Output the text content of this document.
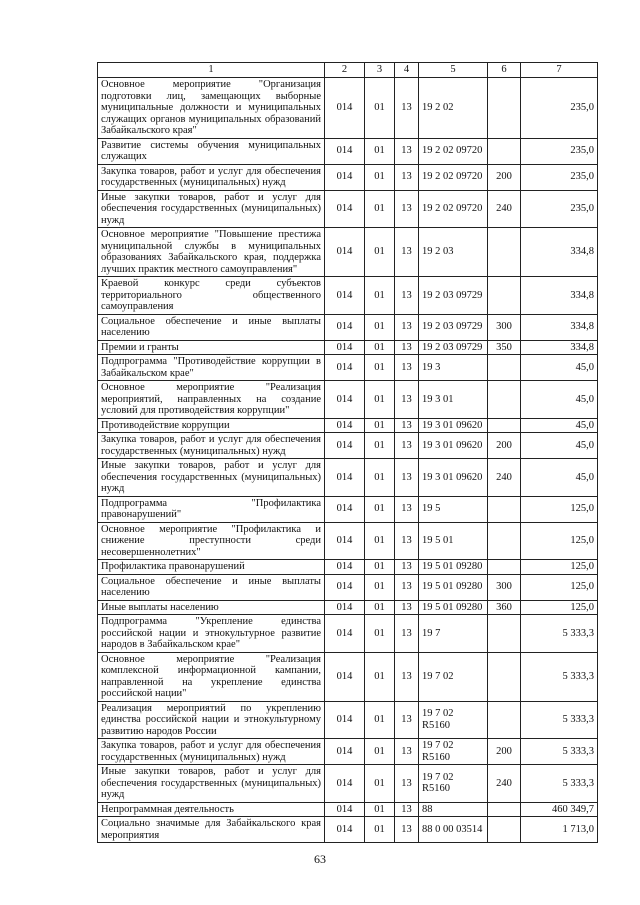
1	2	3	4	5	6	7
Основное мероприятие "Организация подготовки лиц, замещающих выборные муниципальные должности и муниципальных служащих органов муниципальных образований Забайкальского края"	014	01	13	19 2 02		235,0
Развитие системы обучения муниципальных служащих	014	01	13	19 2 02 09720		235,0
Закупка товаров, работ и услуг для обеспечения государственных (муниципальных) нужд	014	01	13	19 2 02 09720	200	235,0
Иные закупки товаров, работ и услуг для обеспечения государственных (муниципальных) нужд	014	01	13	19 2 02 09720	240	235,0
Основное мероприятие "Повышение престижа муниципальной службы в муниципальных образованиях Забайкальского края, поддержка лучших практик местного самоуправления"	014	01	13	19 2 03		334,8
Краевой конкурс среди субъектов территориального общественного самоуправления	014	01	13	19 2 03 09729		334,8
Социальное обеспечение и иные выплаты населению	014	01	13	19 2 03 09729	300	334,8
Премии и гранты	014	01	13	19 2 03 09729	350	334,8
Подпрограмма "Противодействие коррупции в Забайкальском крае"	014	01	13	19 3		45,0
Основное мероприятие "Реализация мероприятий, направленных на создание условий для противодействия коррупции"	014	01	13	19 3 01		45,0
Противодействие коррупции	014	01	13	19 3 01 09620		45,0
Закупка товаров, работ и услуг для обеспечения государственных (муниципальных) нужд	014	01	13	19 3 01 09620	200	45,0
Иные закупки товаров, работ и услуг для обеспечения государственных (муниципальных) нужд	014	01	13	19 3 01 09620	240	45,0
Подпрограмма "Профилактика правонарушений"	014	01	13	19 5		125,0
Основное мероприятие "Профилактика и снижение преступности среди несовершеннолетних"	014	01	13	19 5 01		125,0
Профилактика правонарушений	014	01	13	19 5 01 09280		125,0
Социальное обеспечение и иные выплаты населению	014	01	13	19 5 01 09280	300	125,0
Иные выплаты населению	014	01	13	19 5 01 09280	360	125,0
Подпрограмма "Укрепление единства российской нации и этнокультурное развитие народов в Забайкальском крае"	014	01	13	19 7		5 333,3
Основное мероприятие "Реализация комплексной информационной кампании, направленной на укрепление единства российской нации"	014	01	13	19 7 02		5 333,3
Реализация мероприятий по укреплению единства российской нации и этнокультурному развитию народов России	014	01	13	19 7 02 R5160		5 333,3
Закупка товаров, работ и услуг для обеспечения государственных (муниципальных) нужд	014	01	13	19 7 02 R5160	200	5 333,3
Иные закупки товаров, работ и услуг для обеспечения государственных (муниципальных) нужд	014	01	13	19 7 02 R5160	240	5 333,3
Непрограммная деятельность	014	01	13	88		460 349,7
Социально значимые для Забайкальского края мероприятия	014	01	13	88 0 00 03514		1 713,0
63
